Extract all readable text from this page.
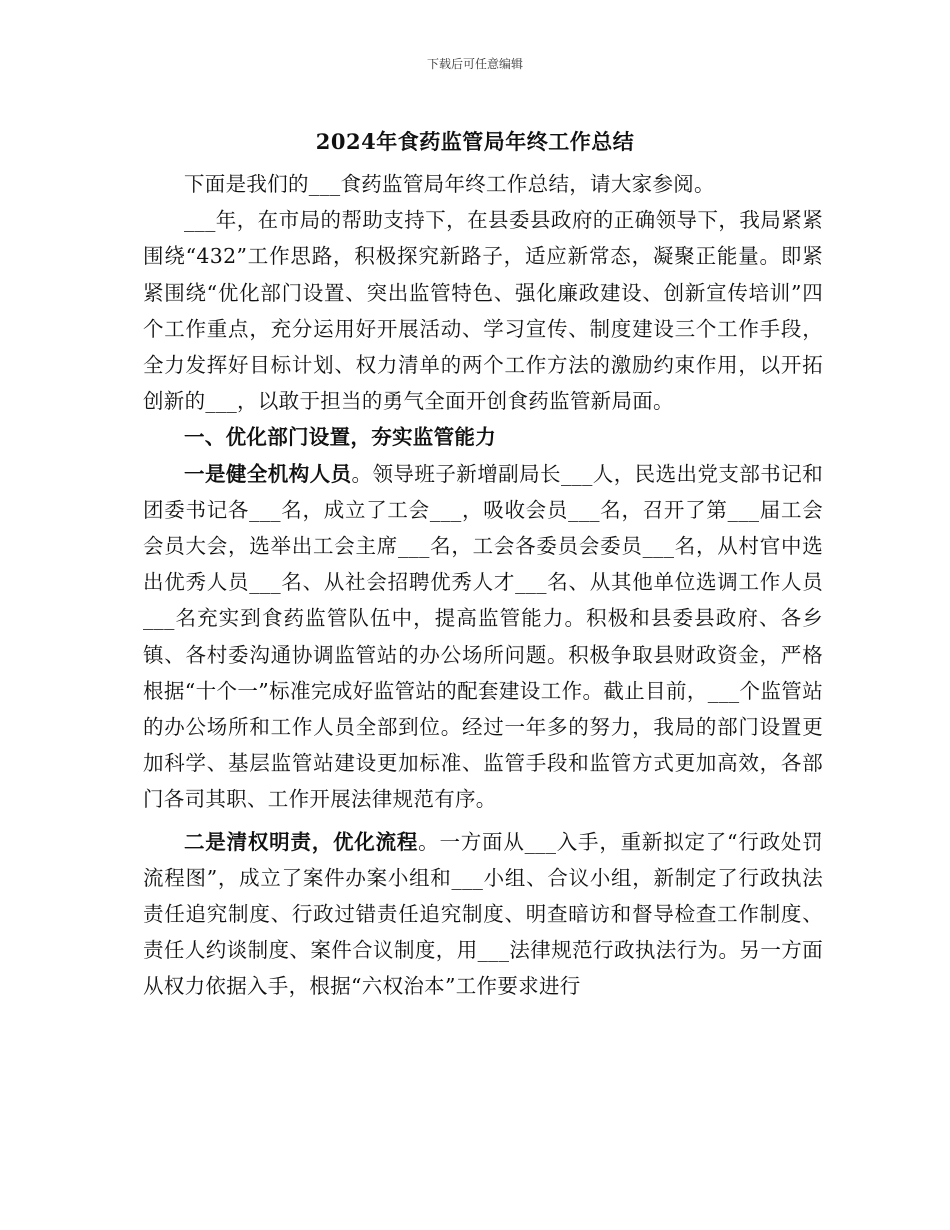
下载后可任意编辑
2024年食药监管局年终工作总结

下面是我们的___食药监管局年终工作总结，请大家参阅。

___年，在市局的帮助支持下，在县委县政府的正确领导下，我局紧紧围绕“432”工作思路，积极探究新路子，适应新常态，凝聚正能量。即紧紧围绕“优化部门设置、突出监管特色、强化廉政建设、创新宣传培训”四个工作重点，充分运用好开展活动、学习宣传、制度建设三个工作手段，全力发挥好目标计划、权力清单的两个工作方法的激励约束作用，以开拓创新的___，以敢于担当的勇气全面开创食药监管新局面。

一、优化部门设置，夯实监管能力

一是健全机构人员。领导班子新增副局长___人，民选出党支部书记和团委书记各___名，成立了工会___，吸收会员___名，召开了第___届工会会员大会，选举出工会主席___名，工会各委员会委员___名，从村官中选出优秀人员___名、从社会招聘优秀人才___名、从其他单位选调工作人员___名充实到食药监管队伍中，提高监管能力。积极和县委县政府、各乡镇、各村委沟通协调监管站的办公场所问题。积极争取县财政资金，严格根据“十个一”标准完成好监管站的配套建设工作。截止目前，___个监管站的办公场所和工作人员全部到位。经过一年多的努力，我局的部门设置更加科学、基层监管站建设更加标准、监管手段和监管方式更加高效，各部门各司其职、工作开展法律规范有序。

二是清权明责，优化流程。一方面从___入手，重新拟定了“行政处罚流程图”，成立了案件办案小组和___小组、合议小组，新制定了行政执法责任追究制度、行政过错责任追究制度、明查暗访和督导检查工作制度、责任人约谈制度、案件合议制度，用___法律规范行政执法行为。另一方面从权力依据入手，根据“六权治本”工作要求进行
